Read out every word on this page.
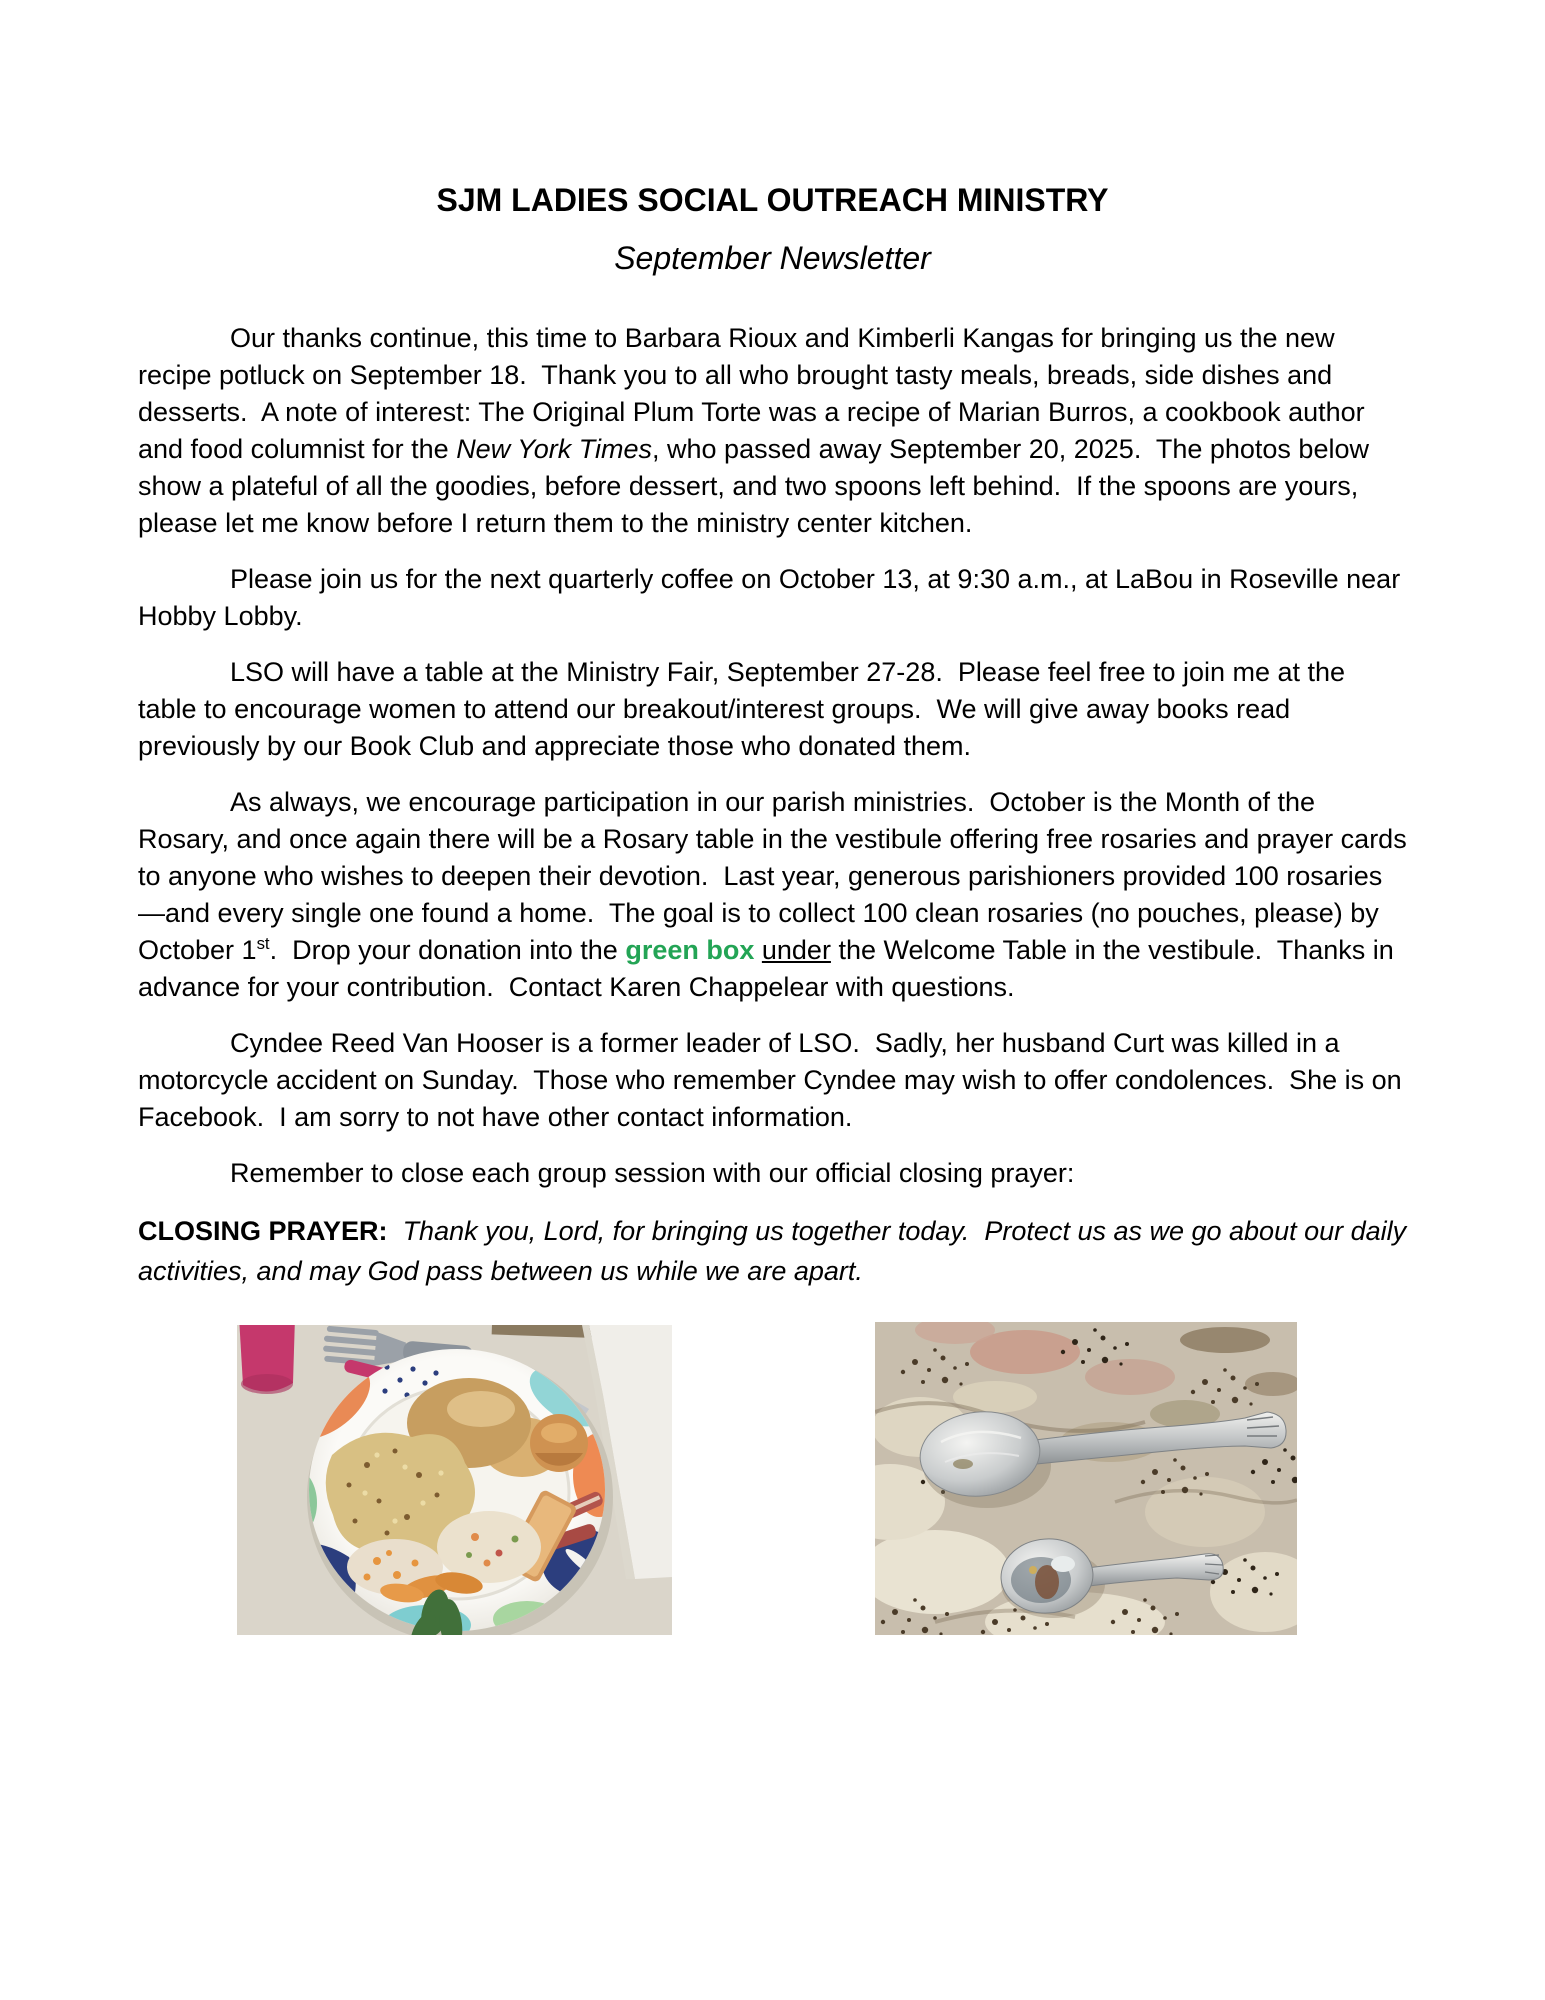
SJM LADIES SOCIAL OUTREACH MINISTRY
September Newsletter

Our thanks continue, this time to Barbara Rioux and Kimberli Kangas for bringing us the new recipe potluck on September 18.  Thank you to all who brought tasty meals, breads, side dishes and desserts.  A note of interest: The Original Plum Torte was a recipe of Marian Burros, a cookbook author and food columnist for the New York Times, who passed away September 20, 2025.  The photos below show a plateful of all the goodies, before dessert, and two spoons left behind.  If the spoons are yours, please let me know before I return them to the ministry center kitchen.

Please join us for the next quarterly coffee on October 13, at 9:30 a.m., at LaBou in Roseville near Hobby Lobby.

LSO will have a table at the Ministry Fair, September 27-28.  Please feel free to join me at the table to encourage women to attend our breakout/interest groups.  We will give away books read previously by our Book Club and appreciate those who donated them.

As always, we encourage participation in our parish ministries.  October is the Month of the Rosary, and once again there will be a Rosary table in the vestibule offering free rosaries and prayer cards to anyone who wishes to deepen their devotion.  Last year, generous parishioners provided 100 rosaries—and every single one found a home.  The goal is to collect 100 clean rosaries (no pouches, please) by October 1st.  Drop your donation into the green box under the Welcome Table in the vestibule.  Thanks in advance for your contribution.  Contact Karen Chappelear with questions.

Cyndee Reed Van Hooser is a former leader of LSO.  Sadly, her husband Curt was killed in a motorcycle accident on Sunday.  Those who remember Cyndee may wish to offer condolences.  She is on Facebook.  I am sorry to not have other contact information.

Remember to close each group session with our official closing prayer:

CLOSING PRAYER: Thank you, Lord, for bringing us together today.  Protect us as we go about our daily activities, and may God pass between us while we are apart.
